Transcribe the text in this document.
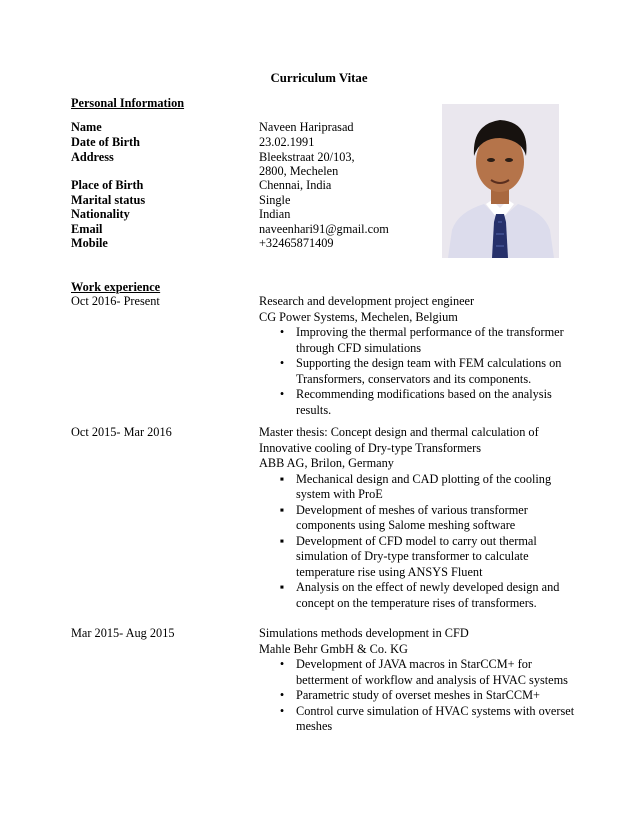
Curriculum Vitae
Personal Information
Name	Naveen Hariprasad
Date of Birth	23.02.1991
Address	Bleekstraat 20/103,
2800, Mechelen
Place of Birth	Chennai, India
Marital status	Single
Nationality	Indian
Email	naveenhari91@gmail.com
Mobile	+32465871409
Work experience
Oct 2016- Present	Research and development project engineer
CG Power Systems, Mechelen, Belgium
• Improving the thermal performance of the transformer through CFD simulations
• Supporting the design team with FEM calculations on Transformers, conservators and its components.
• Recommending modifications based on the analysis results.
Oct 2015- Mar 2016	Master thesis: Concept design and thermal calculation of
Innovative cooling of Dry-type Transformers
ABB AG, Brilon, Germany
▪ Mechanical design and CAD plotting of the cooling system with ProE
▪ Development of meshes of various transformer components using Salome meshing software
▪ Development of CFD model to carry out thermal simulation of Dry-type transformer to calculate temperature rise using ANSYS Fluent
▪ Analysis on the effect of newly developed design and concept on the temperature rises of transformers.
Mar 2015- Aug 2015	Simulations methods development in CFD
Mahle Behr GmbH & Co. KG
• Development of JAVA macros in StarCCM+ for betterment of workflow and analysis of HVAC systems
• Parametric study of overset meshes in StarCCM+
• Control curve simulation of HVAC systems with overset meshes
